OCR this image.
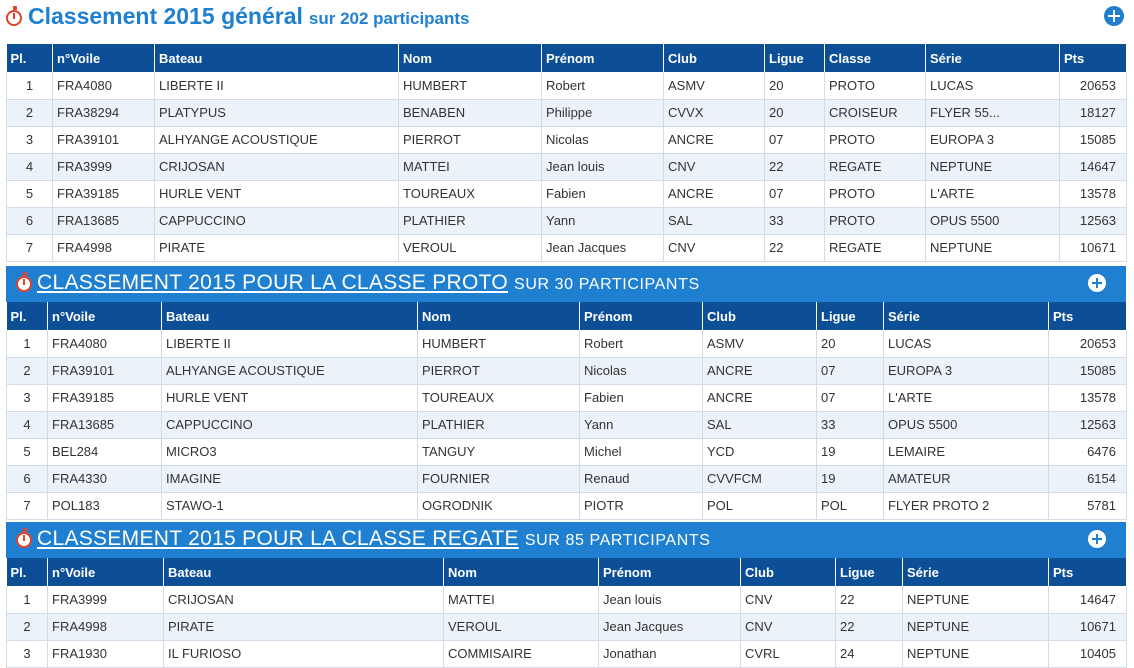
Classement 2015 général sur 202 participants
Pl.	n°Voile	Bateau	Nom	Prénom	Club	Ligue	Classe	Série	Pts
1	FRA4080	LIBERTE II	HUMBERT	Robert	ASMV	20	PROTO	LUCAS	20653
2	FRA38294	PLATYPUS	BENABEN	Philippe	CVVX	20	CROISEUR	FLYER 55...	18127
3	FRA39101	ALHYANGE ACOUSTIQUE	PIERROT	Nicolas	ANCRE	07	PROTO	EUROPA 3	15085
4	FRA3999	CRIJOSAN	MATTEI	Jean louis	CNV	22	REGATE	NEPTUNE	14647
5	FRA39185	HURLE VENT	TOUREAUX	Fabien	ANCRE	07	PROTO	L'ARTE	13578
6	FRA13685	CAPPUCCINO	PLATHIER	Yann	SAL	33	PROTO	OPUS 5500	12563
7	FRA4998	PIRATE	VEROUL	Jean Jacques	CNV	22	REGATE	NEPTUNE	10671
CLASSEMENT 2015 POUR LA CLASSE PROTO SUR 30 PARTICIPANTS
Pl.	n°Voile	Bateau	Nom	Prénom	Club	Ligue	Série	Pts
1	FRA4080	LIBERTE II	HUMBERT	Robert	ASMV	20	LUCAS	20653
2	FRA39101	ALHYANGE ACOUSTIQUE	PIERROT	Nicolas	ANCRE	07	EUROPA 3	15085
3	FRA39185	HURLE VENT	TOUREAUX	Fabien	ANCRE	07	L'ARTE	13578
4	FRA13685	CAPPUCCINO	PLATHIER	Yann	SAL	33	OPUS 5500	12563
5	BEL284	MICRO3	TANGUY	Michel	YCD	19	LEMAIRE	6476
6	FRA4330	IMAGINE	FOURNIER	Renaud	CVVFCM	19	AMATEUR	6154
7	POL183	STAWO-1	OGRODNIK	PIOTR	POL	POL	FLYER PROTO 2	5781
CLASSEMENT 2015 POUR LA CLASSE REGATE SUR 85 PARTICIPANTS
Pl.	n°Voile	Bateau	Nom	Prénom	Club	Ligue	Série	Pts
1	FRA3999	CRIJOSAN	MATTEI	Jean louis	CNV	22	NEPTUNE	14647
2	FRA4998	PIRATE	VEROUL	Jean Jacques	CNV	22	NEPTUNE	10671
3	FRA1930	IL FURIOSO	COMMISAIRE	Jonathan	CVRL	24	NEPTUNE	10405
